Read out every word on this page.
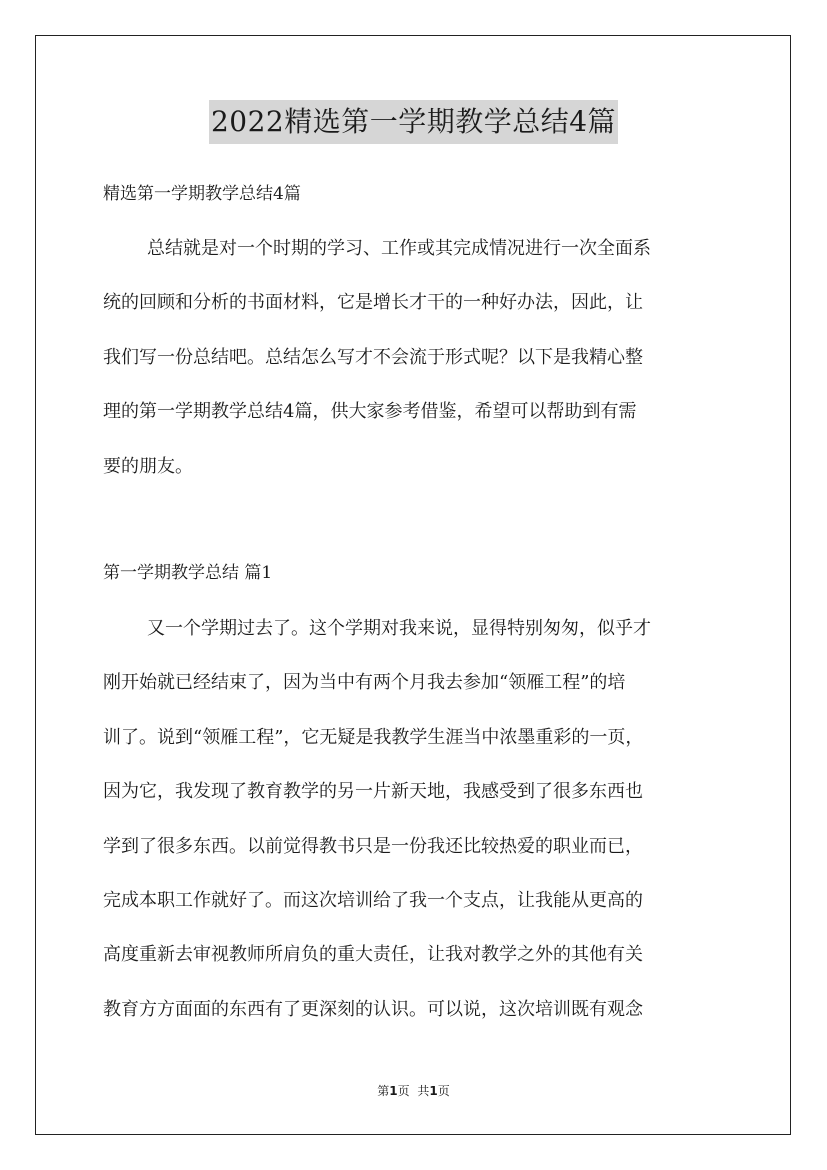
2022精选第一学期教学总结4篇
精选第一学期教学总结4篇
总结就是对一个时期的学习、工作或其完成情况进行一次全面系
统的回顾和分析的书面材料，它是增长才干的一种好办法，因此，让
我们写一份总结吧。总结怎么写才不会流于形式呢？以下是我精心整
理的第一学期教学总结4篇，供大家参考借鉴，希望可以帮助到有需
要的朋友。
第一学期教学总结 篇1
又一个学期过去了。这个学期对我来说，显得特别匆匆，似乎才
刚开始就已经结束了，因为当中有两个月我去参加“领雁工程”的培
训了。说到“领雁工程”，它无疑是我教学生涯当中浓墨重彩的一页，
因为它，我发现了教育教学的另一片新天地，我感受到了很多东西也
学到了很多东西。以前觉得教书只是一份我还比较热爱的职业而已，
完成本职工作就好了。而这次培训给了我一个支点，让我能从更高的
高度重新去审视教师所肩负的重大责任，让我对教学之外的其他有关
教育方方面面的东西有了更深刻的认识。可以说，这次培训既有观念
第1页 共1页
